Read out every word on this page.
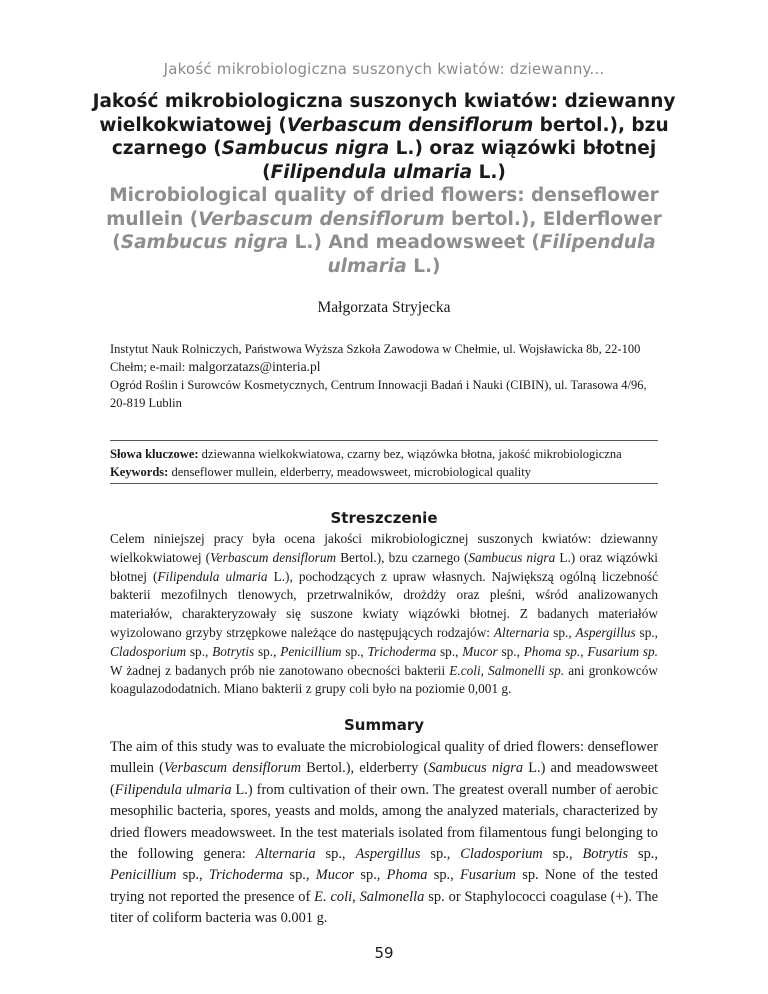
Jakość mikrobiologiczna suszonych kwiatów: dziewanny...
Jakość mikrobiologiczna suszonych kwiatów: dziewanny wielkokwiatowej (Verbascum densiflorum bertol.), bzu czarnego (Sambucus nigra L.) oraz wiązówki błotnej (Filipendula ulmaria L.)
Microbiological quality of dried flowers: denseflower mullein (Verbascum densiflorum bertol.), Elderflower (Sambucus nigra L.) And meadowsweet (Filipendula ulmaria L.)
Małgorzata Stryjecka
Instytut Nauk Rolniczych, Państwowa Wyższa Szkoła Zawodowa w Chełmie, ul. Wojsławicka 8b, 22-100 Chełm; e-mail: malgorzatazs@interia.pl
Ogród Roślin i Surowców Kosmetycznych, Centrum Innowacji Badań i Nauki (CIBIN), ul. Tarasowa 4/96, 20-819 Lublin
Słowa kluczowe: dziewanna wielkokwiatowa, czarny bez, wiązówka błotna, jakość mikrobiologiczna
Keywords: denseflower mullein, elderberry, meadowsweet, microbiological quality
Streszczenie

Celem niniejszej pracy była ocena jakości mikrobiologicznej suszonych kwiatów: dziewanny wielkokwiatowej (Verbascum densiflorum Bertol.), bzu czarnego (Sambucus nigra L.) oraz wiązówki błotnej (Filipendula ulmaria L.), pochodzących z upraw własnych. Największą ogólną liczebność bakterii mezofilnych tlenowych, przetrwalników, drożdży oraz pleśni, wśród analizowanych materiałów, charakteryzowały się suszone kwiaty wiązówki błotnej. Z badanych materiałów wyizolowano grzyby strzępkowe należące do następujących rodzajów: Alternaria sp., Aspergillus sp., Cladosporium sp., Botrytis sp., Penicillium sp., Trichoderma sp., Mucor sp., Phoma sp., Fusarium sp. W żadnej z badanych prób nie zanotowano obecności bakterii E.coli, Salmonelli sp. ani gronkowców koagulazododatnich. Miano bakterii z grupy coli było na poziomie 0,001 g.

Summary

The aim of this study was to evaluate the microbiological quality of dried flowers: denseflower mullein (Verbascum densiflorum Bertol.), elderberry (Sambucus nigra L.) and meadowsweet (Filipendula ulmaria L.) from cultivation of their own. The greatest overall number of aerobic mesophilic bacteria, spores, yeasts and molds, among the analyzed materials, characterized by dried flowers meadowsweet. In the test materials isolated from filamentous fungi belonging to the following genera: Alternaria sp., Aspergillus sp., Cladosporium sp., Botrytis sp., Penicillium sp., Trichoderma sp., Mucor sp., Phoma sp., Fusarium sp. None of the tested trying not reported the presence of E. coli, Salmonella sp. or Staphylococci coagulase (+). The titer of coliform bacteria was 0.001 g.

59
